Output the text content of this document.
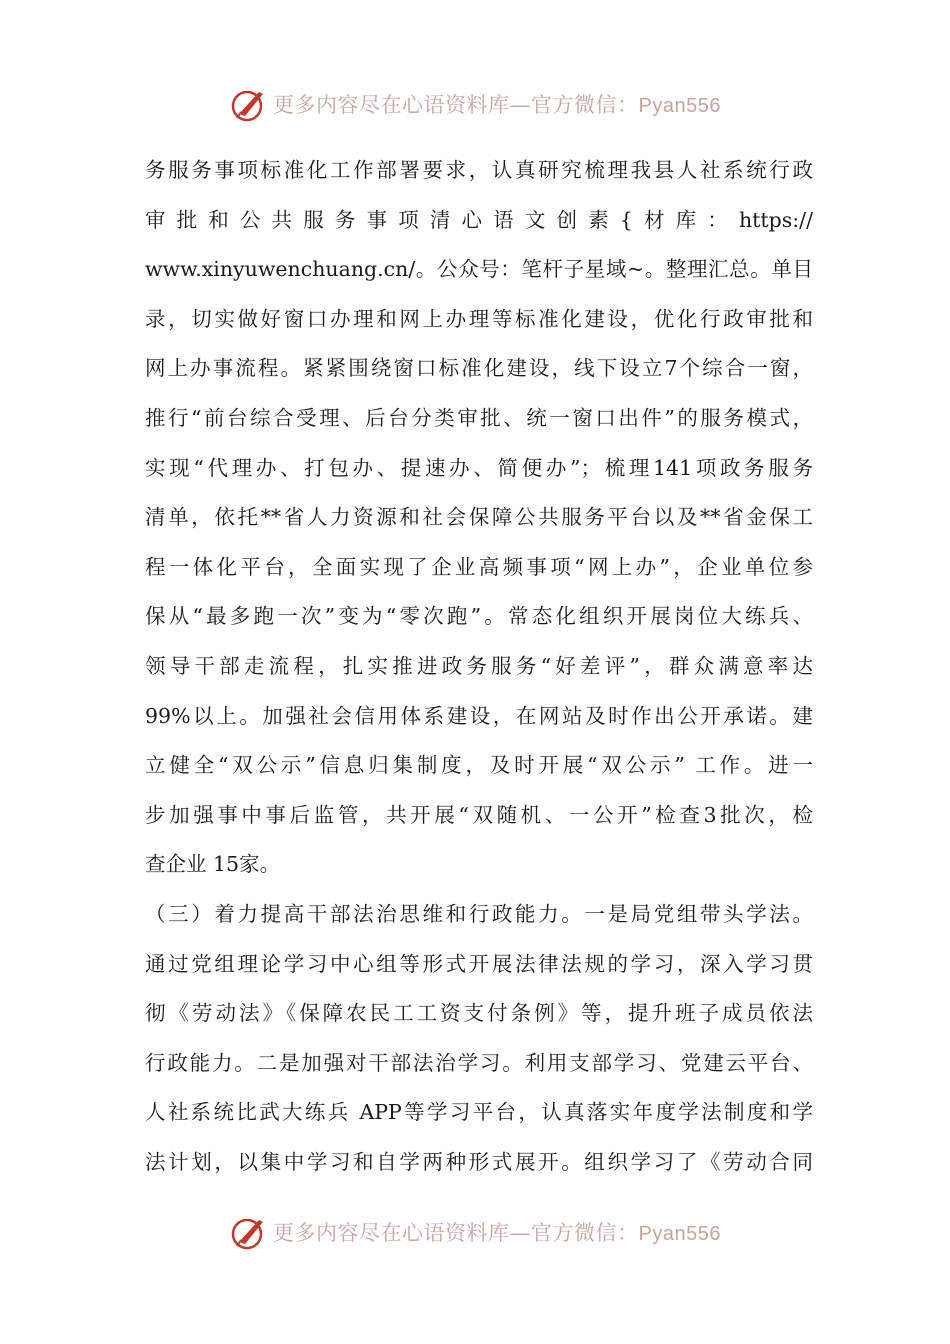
更多内容尽在心语资料库—官方微信：Pyan556
务服务事项标准化工作部署要求，认真研究梳理我县人社系统行政
审批和公共服务事项清心语文创素{材库：https://
www.xinyuwenchuang.cn/。公众号：笔杆子星域~。整理汇总。单目
录，切实做好窗口办理和网上办理等标准化建设，优化行政审批和
网上办事流程。紧紧围绕窗口标准化建设，线下设立7个综合一窗，
推行“前台综合受理、后台分类审批、统一窗口出件”的服务模式，
实现“代理办、打包办、提速办、简便办”；梳理141项政务服务
清单，依托**省人力资源和社会保障公共服务平台以及**省金保工
程一体化平台，全面实现了企业高频事项“网上办”，企业单位参
保从“最多跑一次”变为“零次跑”。常态化组织开展岗位大练兵、
领导干部走流程，扎实推进政务服务“好差评”，群众满意率达
99%以上。加强社会信用体系建设，在网站及时作出公开承诺。建
立健全“双公示”信息归集制度，及时开展“双公示” 工作。进一
步加强事中事后监管，共开展“双随机、一公开”检查3批次，检
查企业 15家。
（三）着力提高干部法治思维和行政能力。一是局党组带头学法。
通过党组理论学习中心组等形式开展法律法规的学习，深入学习贯
彻《劳动法》《保障农民工工资支付条例》等，提升班子成员依法
行政能力。二是加强对干部法治学习。利用支部学习、党建云平台、
人社系统比武大练兵 APP等学习平台，认真落实年度学法制度和学
法计划，以集中学习和自学两种形式展开。组织学习了《劳动合同
更多内容尽在心语资料库—官方微信：Pyan556
